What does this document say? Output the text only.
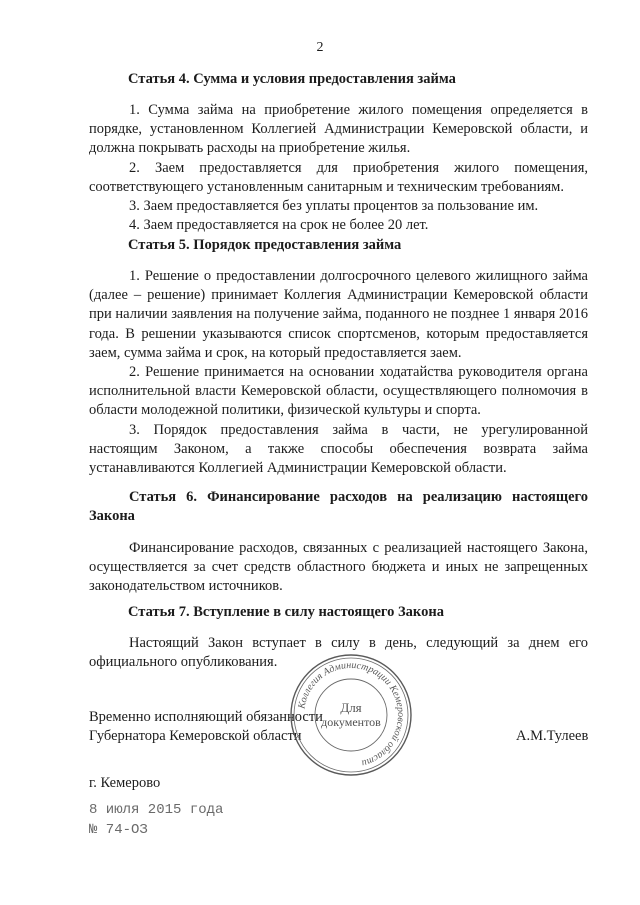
2
Статья 4. Сумма и условия предоставления займа

1. Сумма займа на приобретение жилого помещения определяется в порядке, установленном Коллегией Администрации Кемеровской области, и должна покрывать расходы на приобретение жилья.

2. Заем предоставляется для приобретения жилого помещения, соответствующего установленным санитарным и техническим требованиям.

3. Заем предоставляется без уплаты процентов за пользование им.

4. Заем предоставляется на срок не более 20 лет.

Статья 5. Порядок предоставления займа

1. Решение о предоставлении долгосрочного целевого жилищного займа (далее – решение) принимает Коллегия Администрации Кемеровской области при наличии заявления на получение займа, поданного не позднее 1 января 2016 года. В решении указываются список спортсменов, которым предоставляется заем, сумма займа и срок, на который предоставляется заем.

2. Решение принимается на основании ходатайства руководителя органа исполнительной власти Кемеровской области, осуществляющего полномочия в области молодежной политики, физической культуры и спорта.

3. Порядок предоставления займа в части, не урегулированной настоящим Законом, а также способы обеспечения возврата займа устанавливаются Коллегией Администрации Кемеровской области.

Статья 6. Финансирование расходов на реализацию настоящего Закона

Финансирование расходов, связанных с реализацией настоящего Закона, осуществляется за счет средств областного бюджета и иных не запрещенных законодательством источников.

Статья 7. Вступление в силу настоящего Закона

Настоящий Закон вступает в силу в день, следующий за днем его официального опубликования.

Временно исполняющий обязанности
Губернатора Кемеровской области	А.М.Тулеев
Коллегия Администрации Кемеровской области
Для
документов
г. Кемерово
8 июля 2015 года
№ 74-ОЗ
